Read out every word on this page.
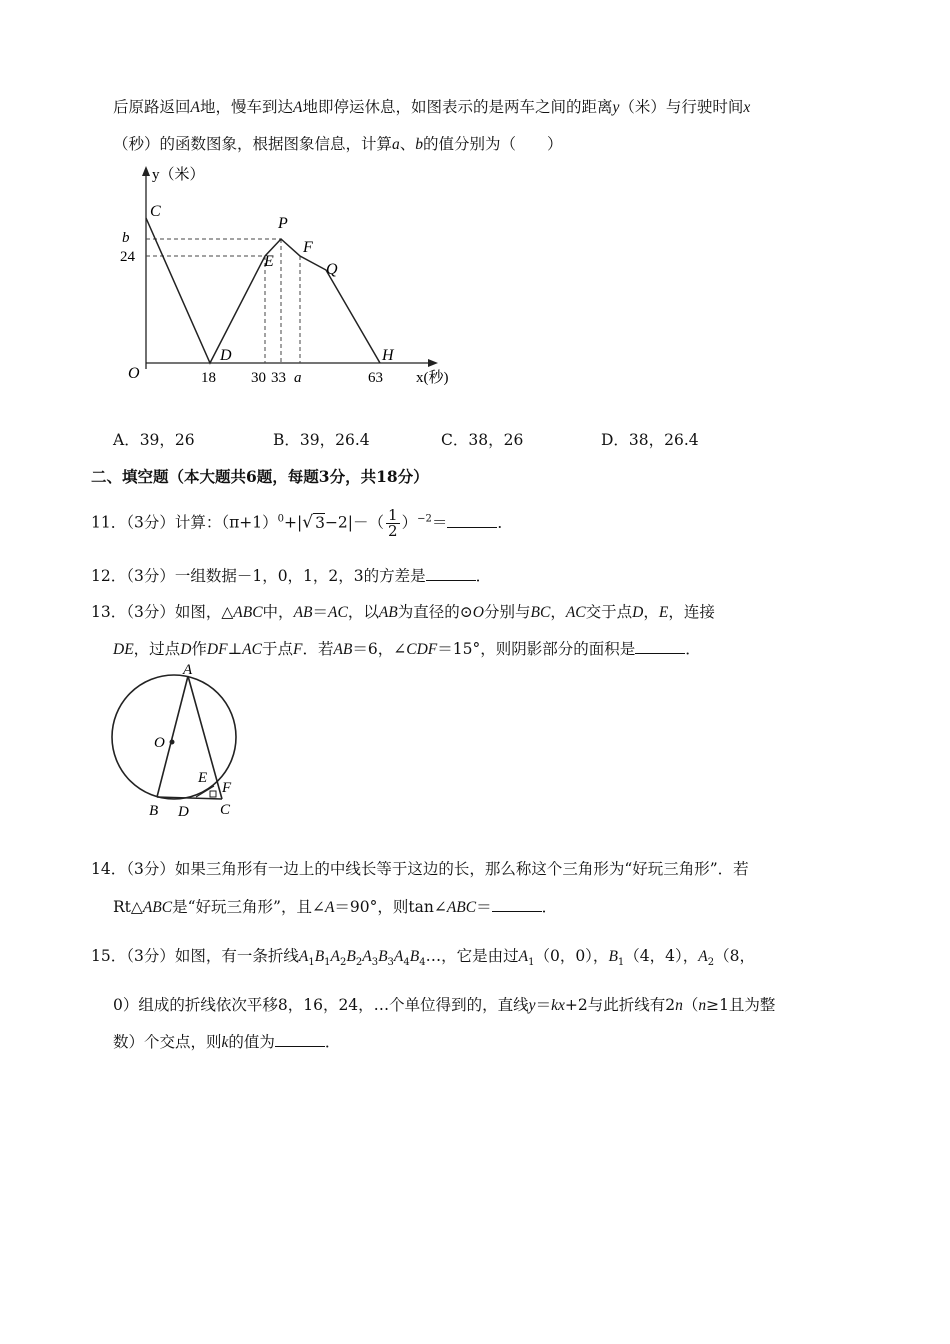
后原路返回A地，慢车到达A地即停运休息，如图表示的是两车之间的距离y（米）与行驶时间x
（秒）的函数图象，根据图象信息，计算a、b的值分别为（　　）
y（米）
x(秒)
O
C
D
P
E
F
Q
H
b
24
18 30 33 a	63
A．39，26	B．39，26.4	C．38，26	D．38，26.4
二、填空题（本大题共6题，每题3分，共18分）
11．（3分）计算：$(\pi+1)^0+|√$ $3-2|-( \frac{1}{2} )^{-2}=$	．
12．（3分）一组数据－1，0，1，2，3的方差是	．
13．（3分）如图，△ABC中，AB＝AC，以AB为直径的⊙O分别与BC，AC交于点D，E，连接
DE，过点D作DF⊥AC于点F．若AB＝6，∠CDF＝15°，则阴影部分的面积是	．
A
O
E
F
B D C
14．（3分）如果三角形有一边上的中线长等于这边的长，那么称这个三角形为“好玩三角形”．若
Rt△ABC是“好玩三角形”，且∠A＝90°，则tan∠ABC＝	．
15．（3分）如图，有一条折线$A_1B_1A_2B_2A_3B_3A_4B_4\dots$，它是由过$A_1(0$，0），$B_1(4$，4），$A_2(8$，
0）组成的折线依次平移8，16，24，…个单位得到的，直线y＝kx+2与此折线有2n（n≥1且为整
数）个交点，则k的值为	．
